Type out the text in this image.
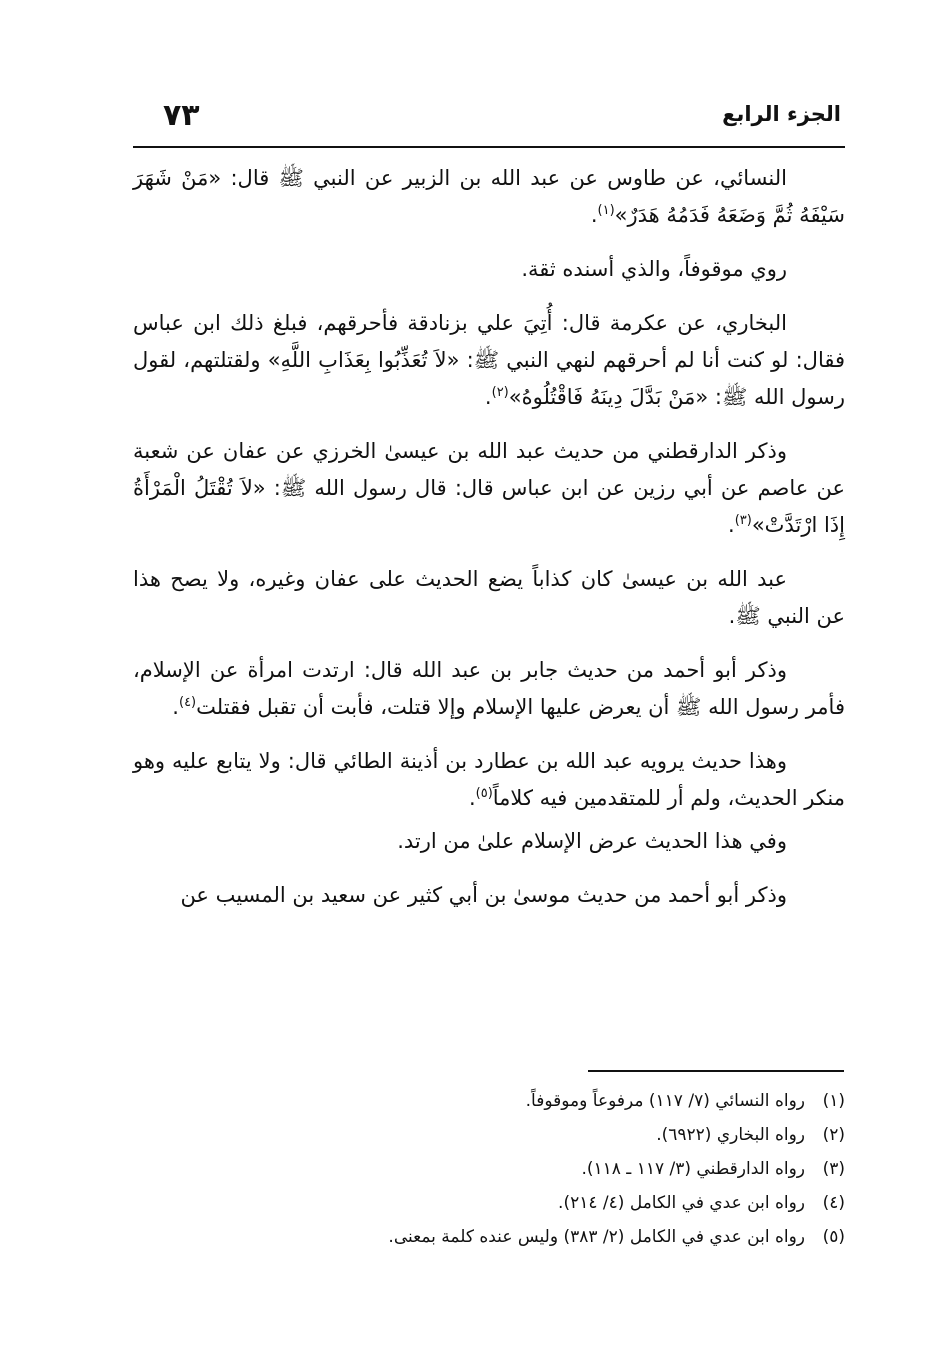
الجزء الرابع
٧٣

النسائي، عن طاوس عن عبد الله بن الزبير عن النبي ﷺ قال: «مَنْ شَهَرَ سَيْفَهُ ثُمَّ وَضَعَهُ فَدَمُهُ هَدَرٌ»$^{(١)}$.

روي موقوفاً، والذي أسنده ثقة.

البخاري، عن عكرمة قال: أُتِيَ علي بزنادقة فأحرقهم، فبلغ ذلك ابن عباس فقال: لو كنت أنا لم أحرقهم لنهي النبي ﷺ: «لاَ تُعَذِّبُوا بِعَذَابِ اللَّهِ» ولقتلتهم، لقول رسول الله ﷺ: «مَنْ بَدَّلَ دِينَهُ فَاقْتُلُوهُ»$^{(٢)}$.

وذكر الدارقطني من حديث عبد الله بن عيسىٰ الخرزي عن عفان عن شعبة عن عاصم عن أبي رزين عن ابن عباس قال: قال رسول الله ﷺ: «لاَ تُقْتَلُ الْمَرْأَةُ إِذَا ارْتَدَّتْ»$^{(٣)}$.

عبد الله بن عيسىٰ كان كذاباً يضع الحديث على عفان وغيره، ولا يصح هذا عن النبي ﷺ.

وذكر أبو أحمد من حديث جابر بن عبد الله قال: ارتدت امرأة عن الإسلام، فأمر رسول الله ﷺ أن يعرض عليها الإسلام وإلا قتلت، فأبت أن تقبل فقتلت$^{(٤)}$.

وهذا حديث يرويه عبد الله بن عطارد بن أذينة الطائي قال: ولا يتابع عليه وهو منكر الحديث، ولم أر للمتقدمين فيه كلاماً$^{(٥)}$.

وفي هذا الحديث عرض الإسلام علىٰ من ارتد.

وذكر أبو أحمد من حديث موسىٰ بن أبي كثير عن سعيد بن المسيب عن

(١)رواه النسائي (٧/ ١١٧) مرفوعاً وموقوفاً.
(٢)رواه البخاري (٦٩٢٢).
(٣)رواه الدارقطني (٣/ ١١٧ ـ ١١٨).
(٤)رواه ابن عدي في الكامل (٤/ ٢١٤).
(٥)رواه ابن عدي في الكامل (٢/ ٣٨٣) وليس عنده كلمة بمعنى.
